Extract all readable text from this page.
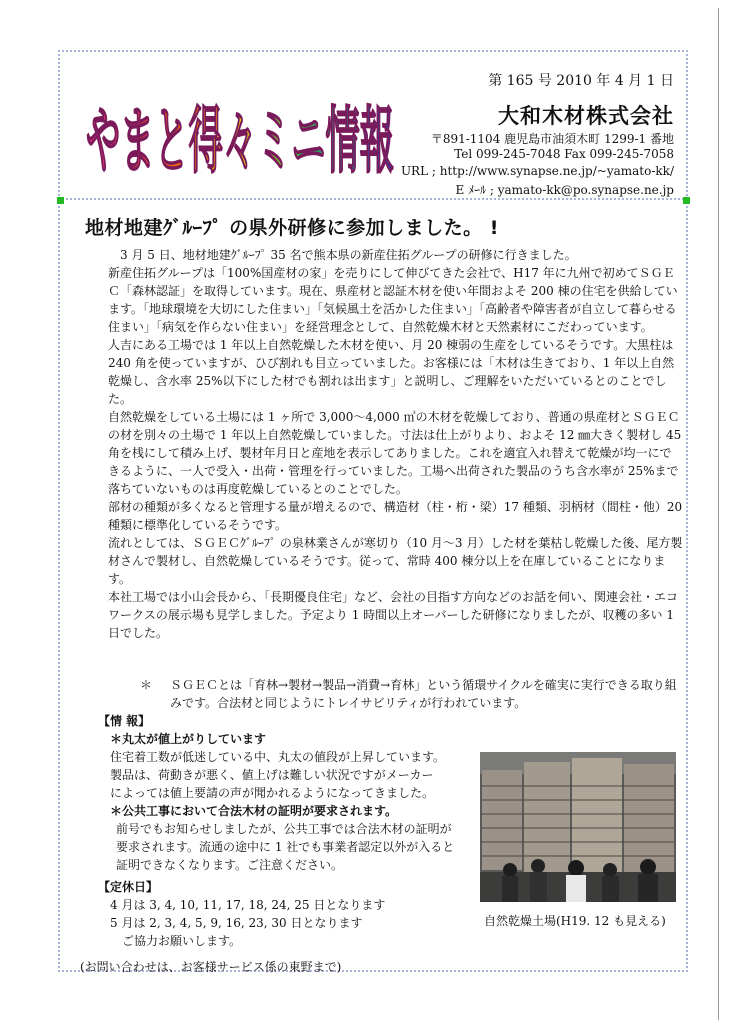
やまと得々ミニ情報
第 165 号 2010 年 4 月 1 日
大和木材株式会社
〒891-1104 鹿児島市油須木町 1299-1 番地
Tel 099-245-7048 Fax 099-245-7058
URL ; http://www.synapse.ne.jp/~yamato-kk/
E ﾒｰﾙ ; yamato-kk@po.synapse.ne.jp
地材地建ｸﾞﾙｰﾌﾟ の県外研修に参加しました。 !

3 月 5 日、地材地建ｸﾞﾙｰﾌﾟ 35 名で熊本県の新産住拓グループの研修に行きました。

新産住拓グループは「100%国産材の家」を売りにして伸びてきた会社で、H17 年に九州で初めてＳＧＥＣ「森林認証」を取得しています。現在、県産材と認証木材を使い年間およそ 200 棟の住宅を供給しています。「地球環境を大切にした住まい」「気候風土を活かした住まい」「高齢者や障害者が自立して暮らせる住まい」「病気を作らない住まい」を経営理念として、自然乾燥木材と天然素材にこだわっています。

人吉にある工場では 1 年以上自然乾燥した木材を使い、月 20 棟弱の生産をしているそうです。大黒柱は 240 角を使っていますが、ひび割れも目立っていました。お客様には「木材は生きており、1 年以上自然乾燥し、含水率 25%以下にした材でも割れは出ます」と説明し、ご理解をいただいているとのことでした。

自然乾燥をしている土場には 1 ヶ所で 3,000～4,000 ㎥の木材を乾燥しており、普通の県産材とＳＧＥＣの材を別々の土場で 1 年以上自然乾燥していました。寸法は仕上がりより、およそ 12 ㎜大きく製材し 45 角を桟にして積み上げ、製材年月日と産地を表示してありました。これを適宜入れ替えて乾燥が均一にできるように、一人で受入・出荷・管理を行っていました。工場へ出荷された製品のうち含水率が 25%まで落ちていないものは再度乾燥しているとのことでした。

部材の種類が多くなると管理する量が増えるので、構造材（柱・桁・梁）17 種類、羽柄材（間柱・他）20 種類に標準化しているそうです。

流れとしては、ＳＧＥＣｸﾞﾙｰﾌﾟ の泉林業さんが寒切り（10 月～3 月）した材を葉枯し乾燥した後、尾方製材さんで製材し、自然乾燥しているそうです。従って、常時 400 棟分以上を在庫していることになります。

本社工場では小山会長から、「長期優良住宅」など、会社の目指す方向などのお話を伺い、関連会社・エコワークスの展示場も見学しました。予定より 1 時間以上オーバーした研修になりましたが、収穫の多い 1 日でした。

＊ ＳＧＥＣとは「育林→製材→製品→消費→育林」という循環サイクルを確実に実行できる取り組みです。合法材と同じようにトレイサビリティが行われています。
【情 報】
＊丸太が値上がりしています
住宅着工数が低迷している中、丸太の値段が上昇しています。
製品は、荷動きが悪く、値上げは難しい状況ですがメーカー
によっては値上要請の声が聞かれるようになってきました。
＊公共工事において合法木材の証明が要求されます。
前号でもお知らせしましたが、公共工事では合法木材の証明が
要求されます。流通の途中に 1 社でも事業者認定以外が入ると
証明できなくなります。ご注意ください。
【定休日】
4 月は 3, 4, 10, 11, 17, 18, 24, 25 日となります
5 月は 2, 3, 4, 5, 9, 16, 23, 30 日となります
ご協力お願いします。
自然乾燥土場(H19. 12 も見える)
(お問い合わせは、お客様サービス係の東野まで)
